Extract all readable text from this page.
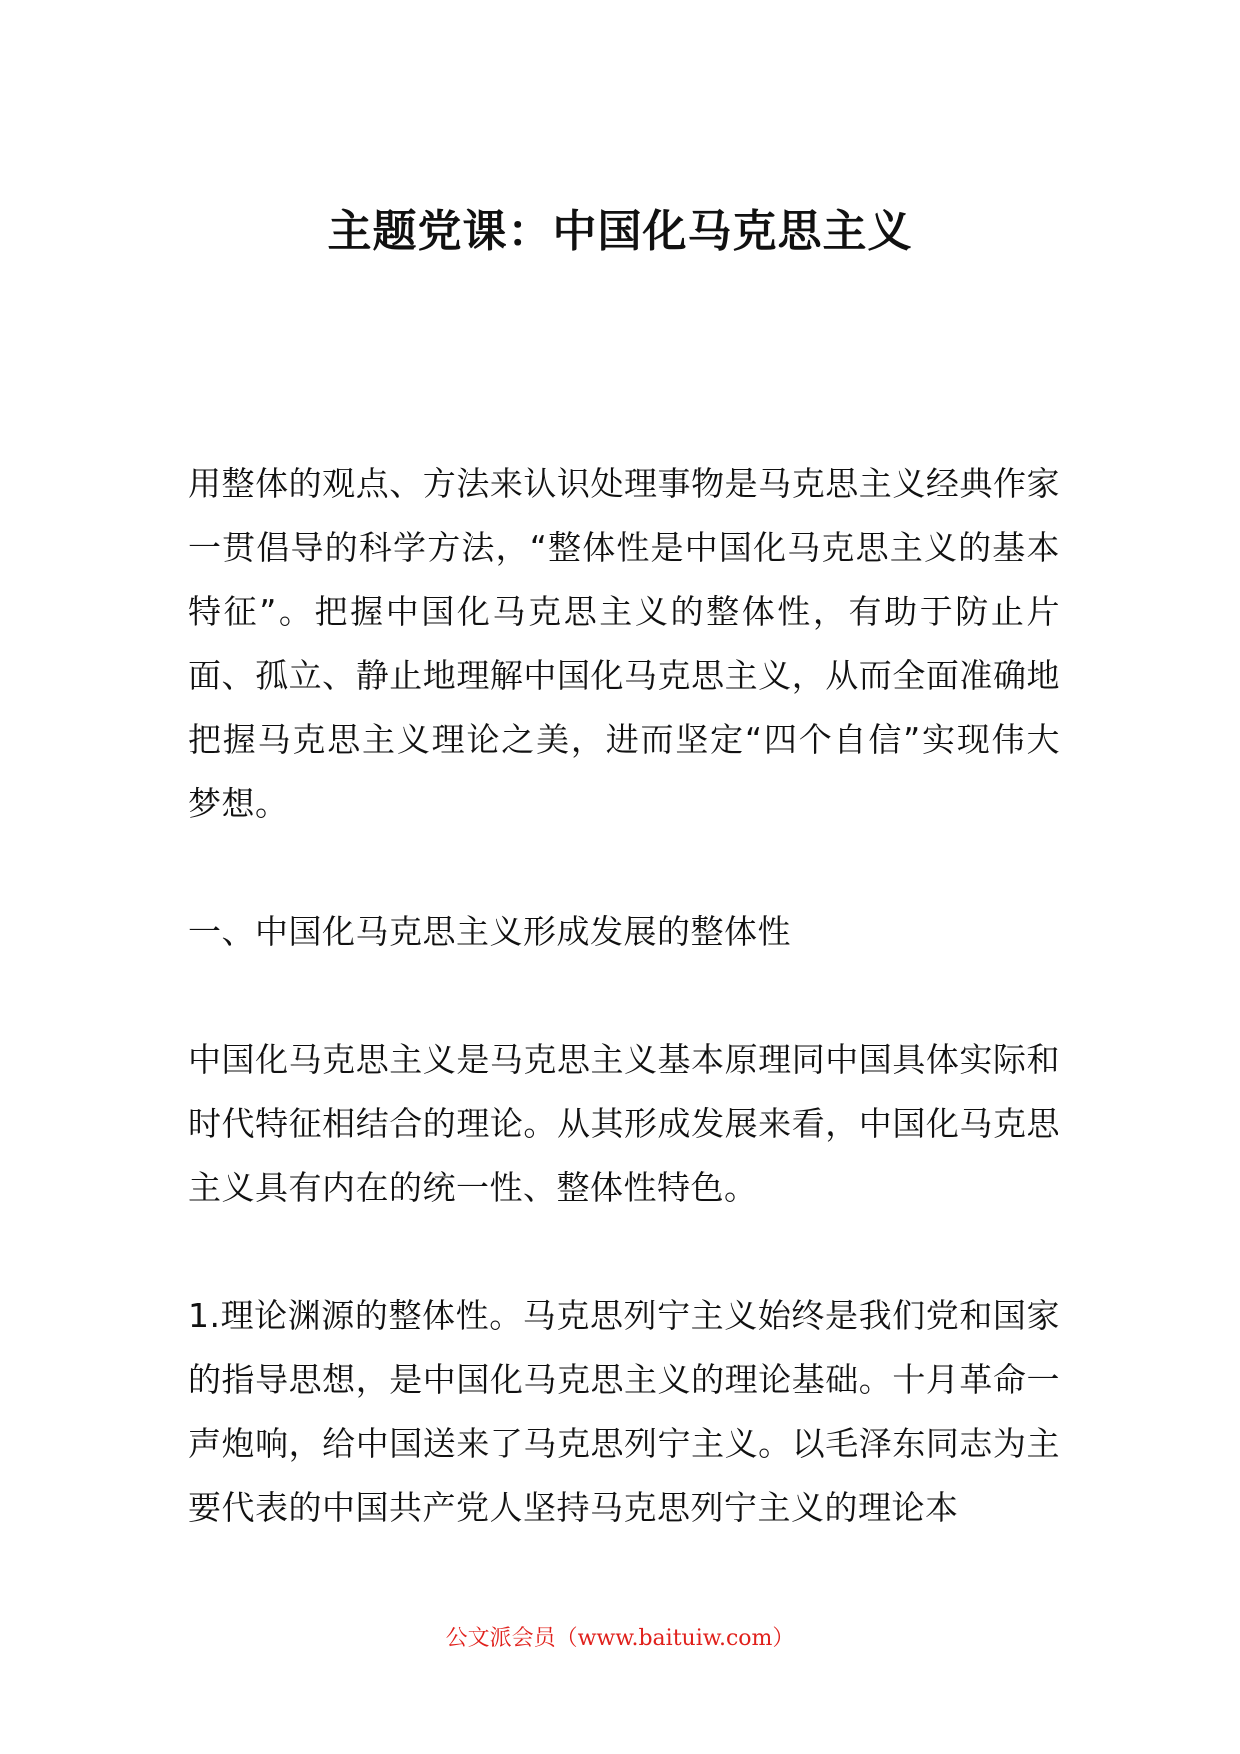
主题党课：中国化马克思主义

用整体的观点、方法来认识处理事物是马克思主义经典作家一贯倡导的科学方法，“整体性是中国化马克思主义的基本特征”。把握中国化马克思主义的整体性，有助于防止片面、孤立、静止地理解中国化马克思主义，从而全面准确地把握马克思主义理论之美，进而坚定“四个自信”实现伟大梦想。

一、中国化马克思主义形成发展的整体性

中国化马克思主义是马克思主义基本原理同中国具体实际和时代特征相结合的理论。从其形成发展来看，中国化马克思主义具有内在的统一性、整体性特色。

1.理论渊源的整体性。马克思列宁主义始终是我们党和国家的指导思想，是中国化马克思主义的理论基础。十月革命一声炮响，给中国送来了马克思列宁主义。以毛泽东同志为主要代表的中国共产党人坚持马克思列宁主义的理论本

公文派会员（www.baituiw.com）
